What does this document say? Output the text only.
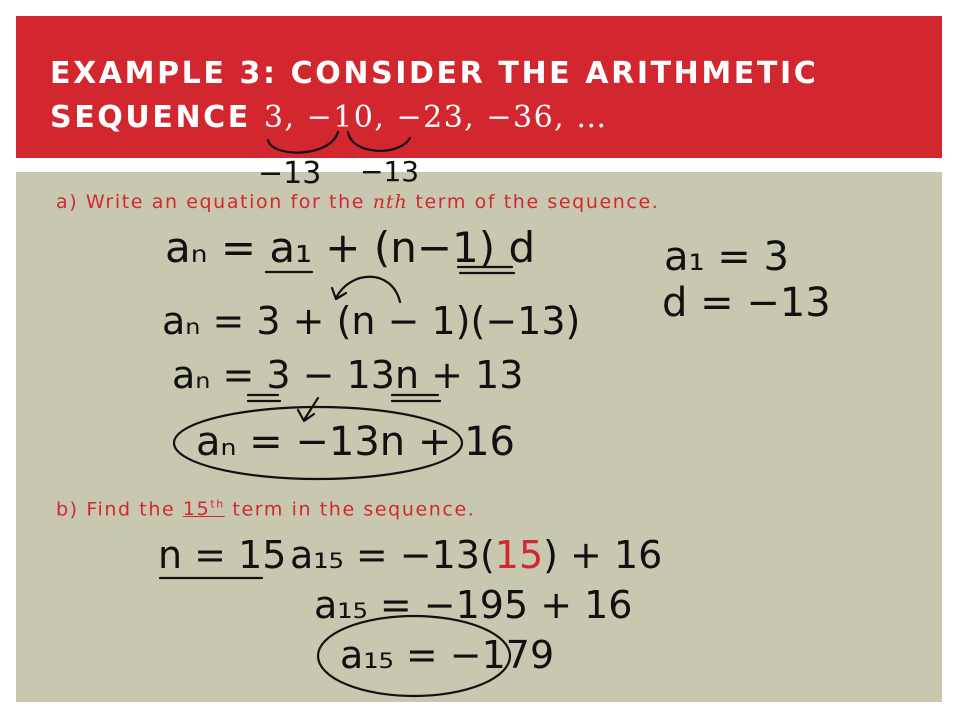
EXAMPLE 3: CONSIDER THE ARITHMETIC
SEQUENCE 3, −10, −23, −36, …
a) Write an equation for the nth term of the sequence.
b) Find the 15th term in the sequence.
−13 −13
aₙ = a₁ + (n−1) d	a₁ = 3
d = −13
aₙ = 3 + (n − 1)(−13)
aₙ = 3 − 13n + 13
aₙ = −13n + 16
n = 15 a₁₅ = −13(15) + 16
a₁₅ = −195 + 16
a₁₅ = −179
